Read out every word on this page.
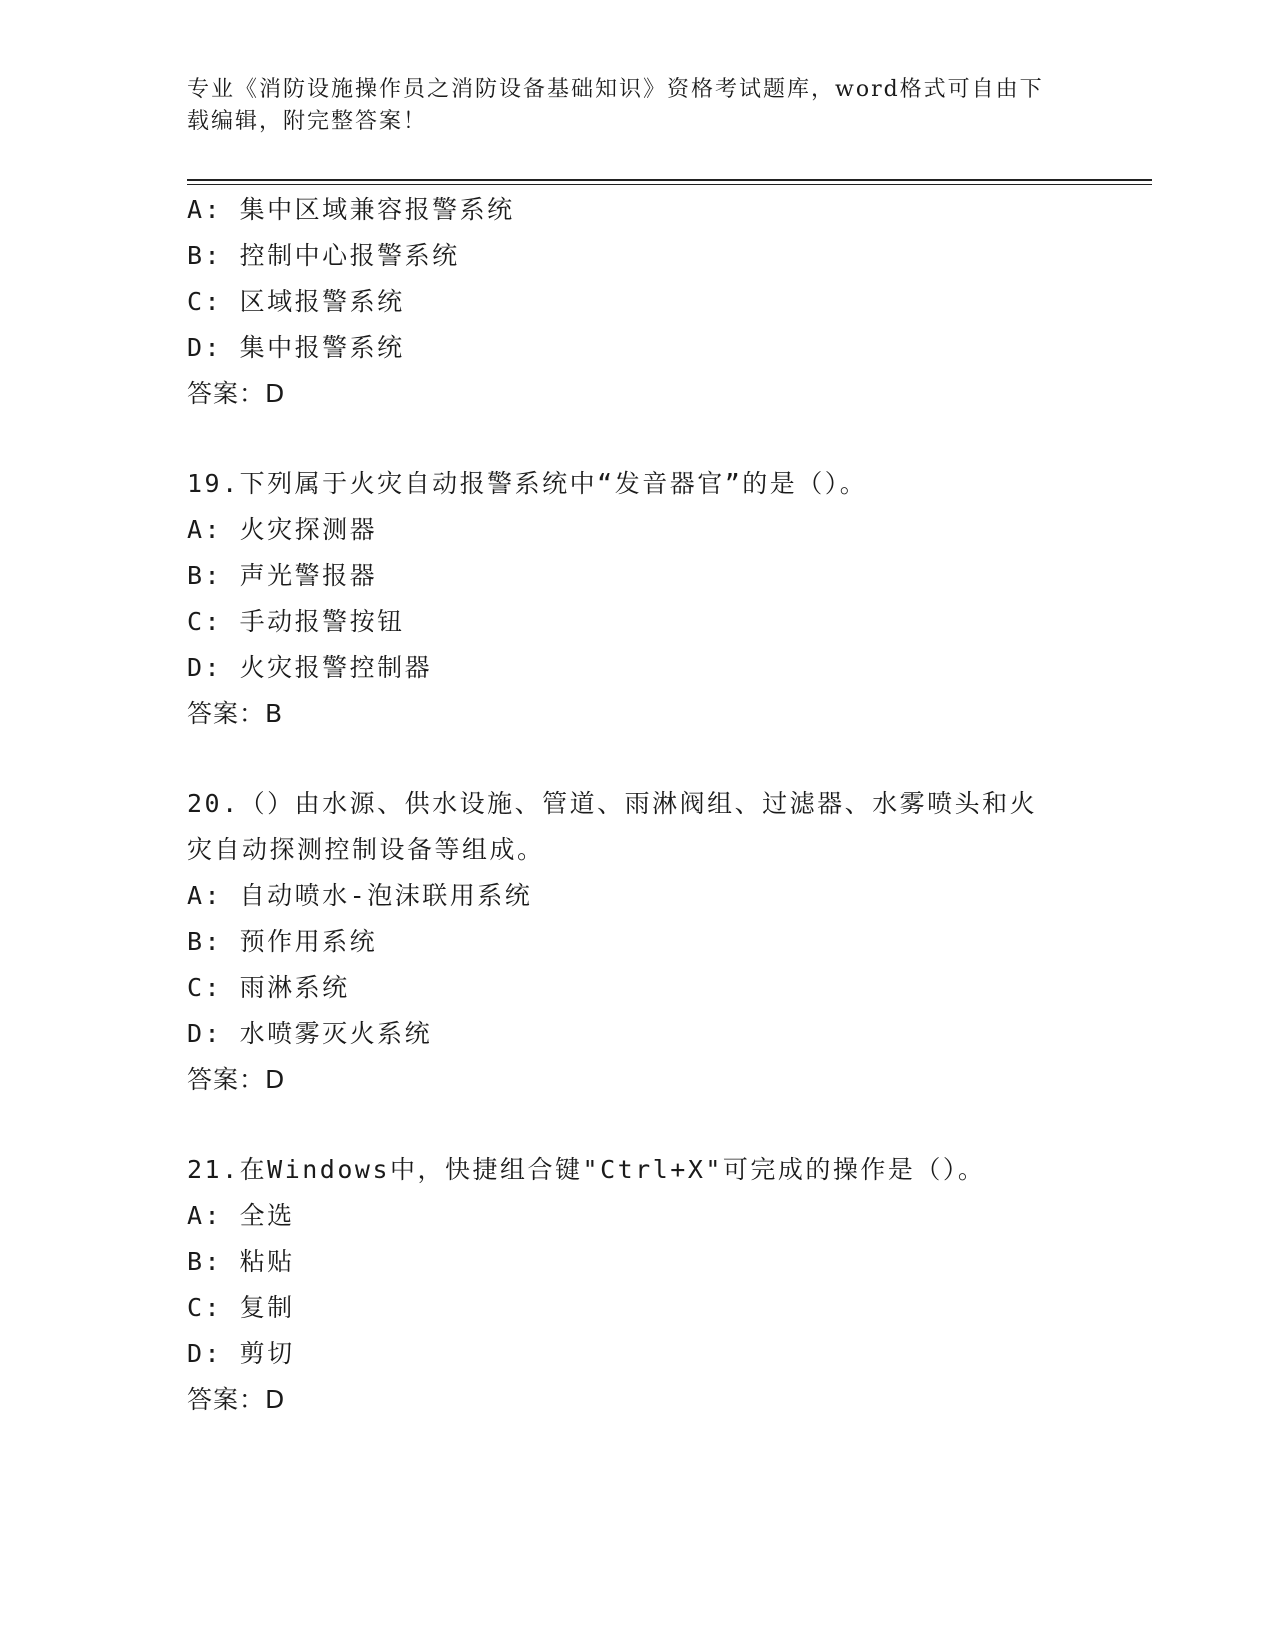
专业《消防设施操作员之消防设备基础知识》资格考试题库，word格式可自由下
载编辑，附完整答案！
A: 集中区域兼容报警系统
B: 控制中心报警系统
C: 区域报警系统
D: 集中报警系统
答案：D
19.下列属于火灾自动报警系统中“发音器官”的是（）。
A: 火灾探测器
B: 声光警报器
C: 手动报警按钮
D: 火灾报警控制器
答案：B
20.（）由水源、供水设施、管道、雨淋阀组、过滤器、水雾喷头和火
灾自动探测控制设备等组成。
A: 自动喷水-泡沫联用系统
B: 预作用系统
C: 雨淋系统
D: 水喷雾灭火系统
答案：D
21.在Windows中，快捷组合键"Ctrl+X"可完成的操作是（）。
A: 全选
B: 粘贴
C: 复制
D: 剪切
答案：D
